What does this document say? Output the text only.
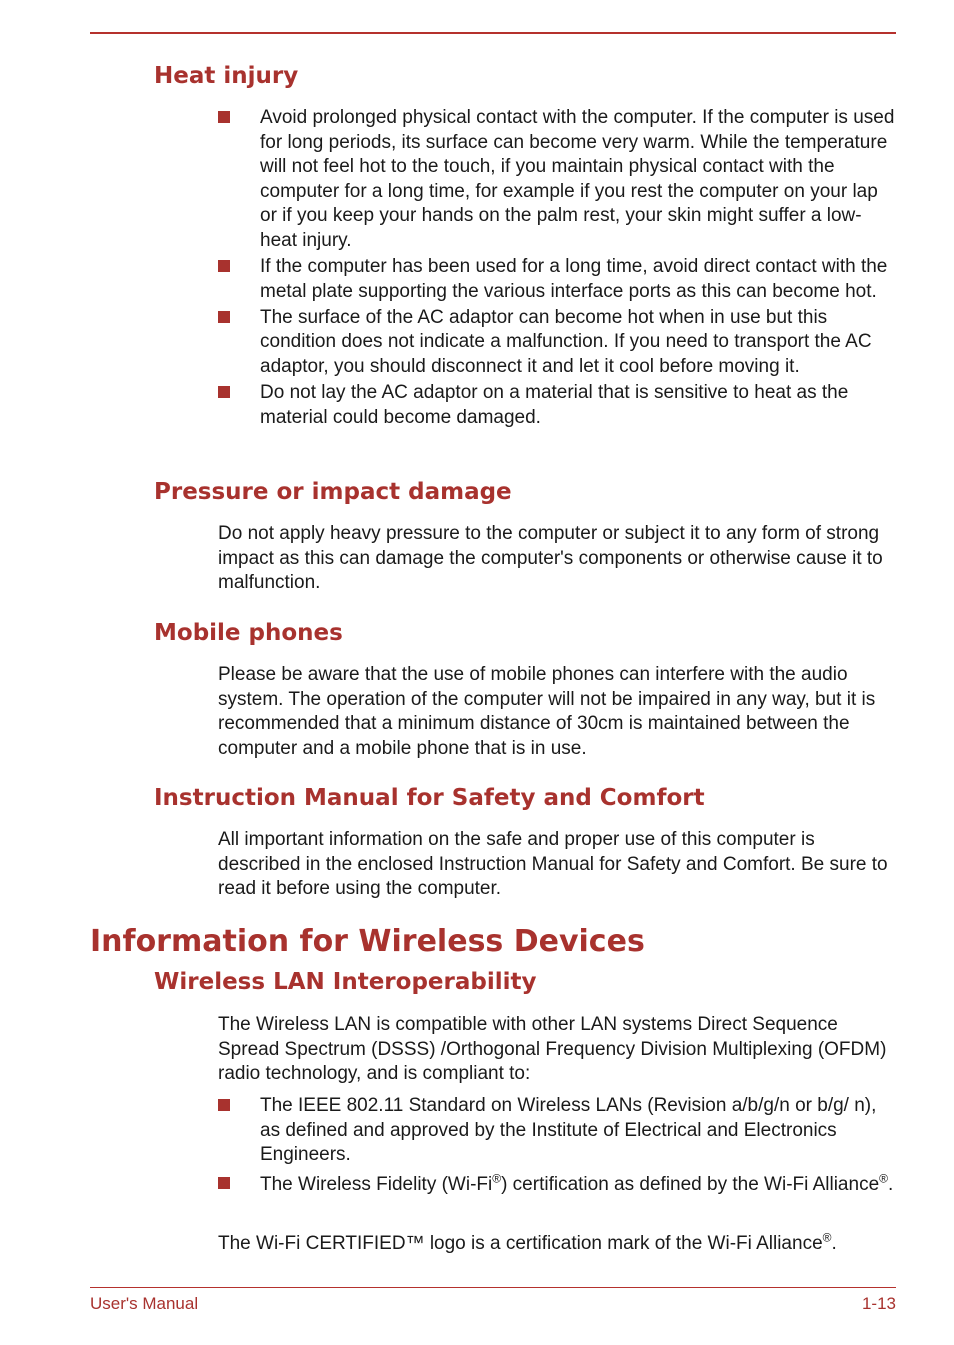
Heat injury
Avoid prolonged physical contact with the computer. If the computer is used for long periods, its surface can become very warm. While the temperature will not feel hot to the touch, if you maintain physical contact with the computer for a long time, for example if you rest the computer on your lap or if you keep your hands on the palm rest, your skin might suffer a low-heat injury.
If the computer has been used for a long time, avoid direct contact with the metal plate supporting the various interface ports as this can become hot.
The surface of the AC adaptor can become hot when in use but this condition does not indicate a malfunction. If you need to transport the AC adaptor, you should disconnect it and let it cool before moving it.
Do not lay the AC adaptor on a material that is sensitive to heat as the material could become damaged.
Pressure or impact damage

Do not apply heavy pressure to the computer or subject it to any form of strong impact as this can damage the computer's components or otherwise cause it to malfunction.

Mobile phones

Please be aware that the use of mobile phones can interfere with the audio system. The operation of the computer will not be impaired in any way, but it is recommended that a minimum distance of 30cm is maintained between the computer and a mobile phone that is in use.

Instruction Manual for Safety and Comfort

All important information on the safe and proper use of this computer is described in the enclosed Instruction Manual for Safety and Comfort. Be sure to read it before using the computer.

Information for Wireless Devices
Wireless LAN Interoperability

The Wireless LAN is compatible with other LAN systems Direct Sequence Spread Spectrum (DSSS) /Orthogonal Frequency Division Multiplexing (OFDM) radio technology, and is compliant to:

The IEEE 802.11 Standard on Wireless LANs (Revision a/b/g/n or b/g/ n), as defined and approved by the Institute of Electrical and Electronics Engineers.
The Wireless Fidelity (Wi-Fi®) certification as defined by the Wi-Fi Alliance®.

The Wi-Fi CERTIFIED™ logo is a certification mark of the Wi-Fi Alliance®.

User's Manual	1-13
